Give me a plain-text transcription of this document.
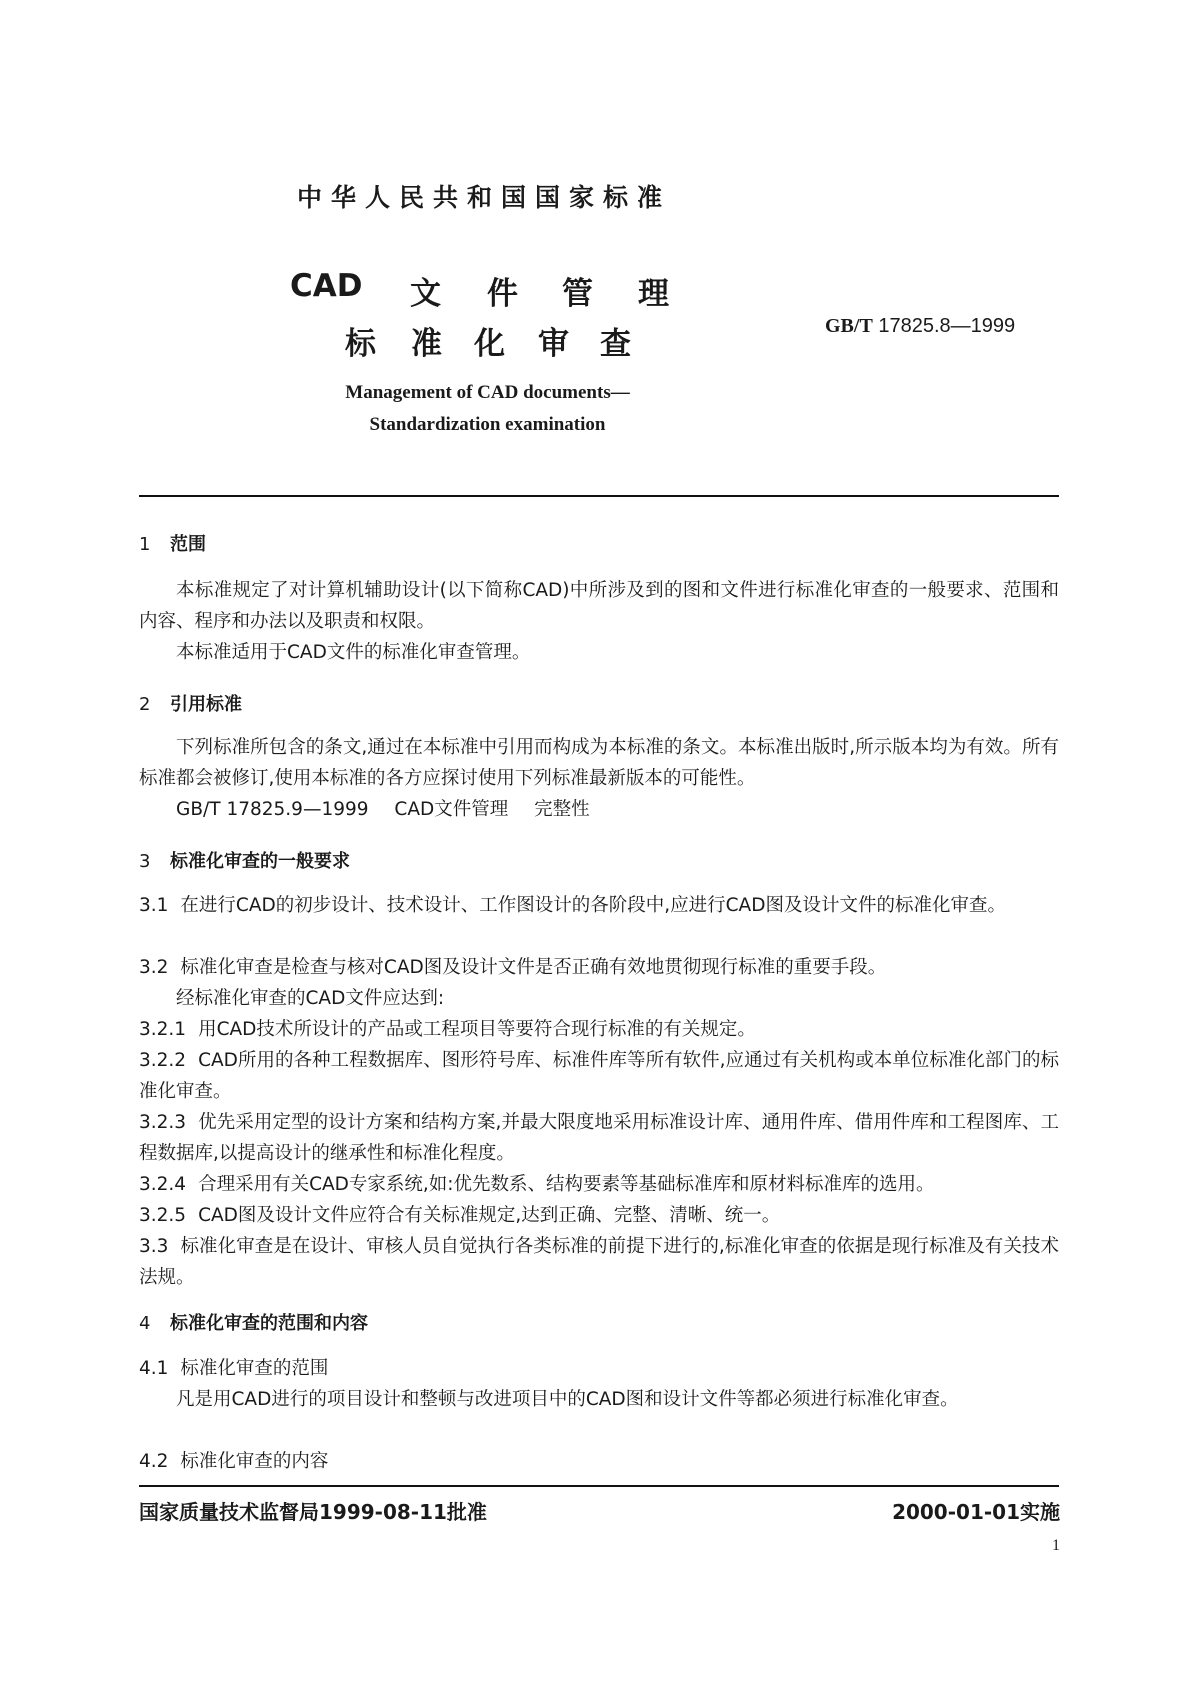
中华人民共和国国家标准
CAD 文 件 管 理
标 准 化 审 查	GB/T 17825.8—1999
Management of CAD documents—
Standardization examination
1 范围
本标准规定了对计算机辅助设计(以下简称CAD)中所涉及到的图和文件进行标准化审查的一般要求、范围和内容、程序和办法以及职责和权限。
本标准适用于CAD文件的标准化审查管理。
2 引用标准
下列标准所包含的条文,通过在本标准中引用而构成为本标准的条文。本标准出版时,所示版本均为有效。所有标准都会被修订,使用本标准的各方应探讨使用下列标准最新版本的可能性。
GB/T 17825.9—1999 CAD文件管理 完整性
3 标准化审查的一般要求
3.1 在进行CAD的初步设计、技术设计、工作图设计的各阶段中,应进行CAD图及设计文件的标准化审查。
3.2 标准化审查是检查与核对CAD图及设计文件是否正确有效地贯彻现行标准的重要手段。
经标准化审查的CAD文件应达到:
3.2.1 用CAD技术所设计的产品或工程项目等要符合现行标准的有关规定。
3.2.2 CAD所用的各种工程数据库、图形符号库、标准件库等所有软件,应通过有关机构或本单位标准化部门的标准化审查。
3.2.3 优先采用定型的设计方案和结构方案,并最大限度地采用标准设计库、通用件库、借用件库和工程图库、工程数据库,以提高设计的继承性和标准化程度。
3.2.4 合理采用有关CAD专家系统,如:优先数系、结构要素等基础标准库和原材料标准库的选用。
3.2.5 CAD图及设计文件应符合有关标准规定,达到正确、完整、清晰、统一。
3.3 标准化审查是在设计、审核人员自觉执行各类标准的前提下进行的,标准化审查的依据是现行标准及有关技术法规。
4 标准化审查的范围和内容
4.1 标准化审查的范围
凡是用CAD进行的项目设计和整顿与改进项目中的CAD图和设计文件等都必须进行标准化审查。
4.2 标准化审查的内容
国家质量技术监督局1999-08-11批准	2000-01-01实施
1
